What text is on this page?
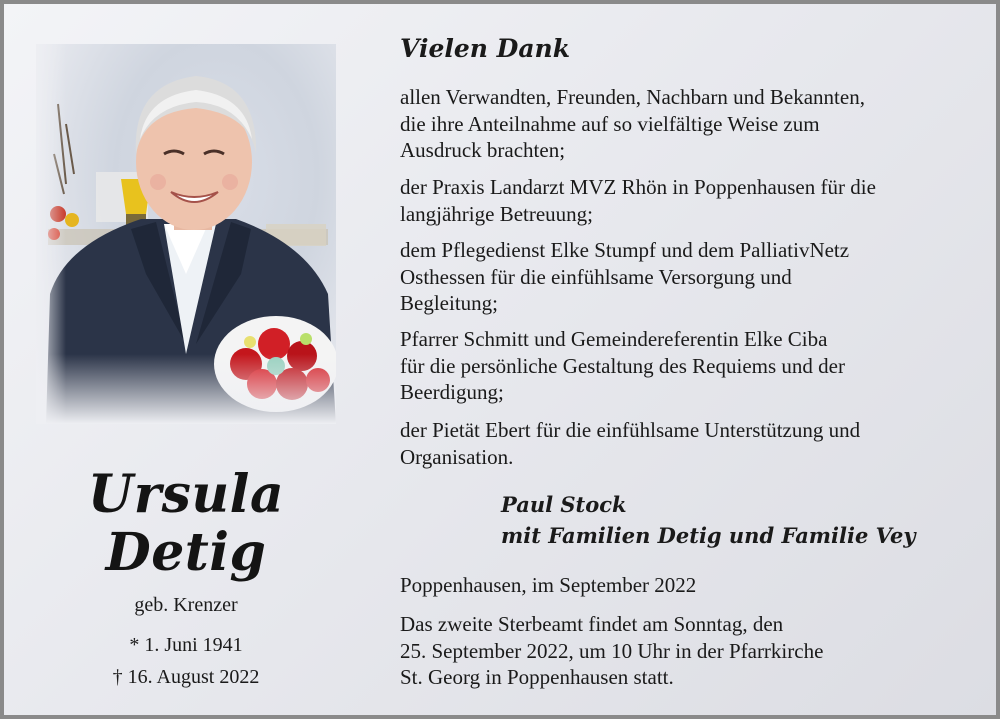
Ursula
Detig
geb. Krenzer
* 1. Juni 1941
† 16. August 2022
Vielen Dank
allen Verwandten, Freunden, Nachbarn und Bekannten,
die ihre Anteilnahme auf so vielfältige Weise zum
Ausdruck brachten;
der Praxis Landarzt MVZ Rhön in Poppenhausen für die
langjährige Betreuung;
dem Pflegedienst Elke Stumpf und dem PalliativNetz
Osthessen für die einfühlsame Versorgung und
Begleitung;
Pfarrer Schmitt und Gemeindereferentin Elke Ciba
für die persönliche Gestaltung des Requiems und der
Beerdigung;
der Pietät Ebert für die einfühlsame Unterstützung und
Organisation.
Paul Stock
mit Familien Detig und Familie Vey
Poppenhausen, im September 2022
Das zweite Sterbeamt findet am Sonntag, den
25. September 2022, um 10 Uhr in der Pfarrkirche
St. Georg in Poppenhausen statt.
